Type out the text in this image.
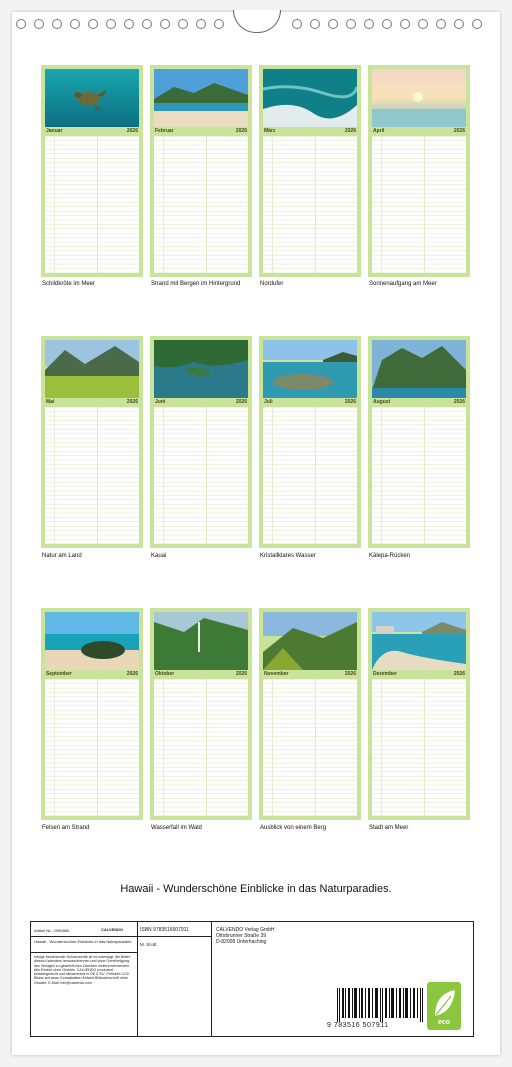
Januar	2026	Februar	2026	März	2026	April	2026
Schildkröte im Meer	Strand mit Bergen im Hintergrund	Nordufer	Sonnenaufgang am Meer
Mai	2026	Juni	2026	Juli	2026	August	2026
Natur am Land	Kauai	Kristallklares Wasser	Kālepa-Rücken
September	2026	Oktober	2026	November	2026	Dezember	2026
Felsen am Strand	Wasserfall im Wald	Ausblick von einem Berg	Stadt am Meer
Hawaii - Wunderschöne Einblicke in das Naturparadies.
Artikel Nr.: 2990880	CALVENDO
Hawaii - Wunderschöne Einblicke in das Naturparadies
Infolge bestehender Schutzrechte ist es untersagt, die Bilder dieses Kalenders herauszutrennen und ohne Genehmigung des Verlages zu gewerblichen Zwecken weiterzuverwenden. Alle Rechte ohne Gewähr. CALVENDO produziert bedarfsgerecht und klimaneutral in DE & EU. Preisinfo CO2-Bilanz auf www. Kontaktdaten Anfahrt Bildunterschrift ohne Gewähr. E-Mail: info@calvendo.com
ISBN 9783516507911
M. Scott
CALVENDO Verlag GmbH
Ottobrunner Straße 39
D-82008 Unterhaching
9 783516 507911	eco
